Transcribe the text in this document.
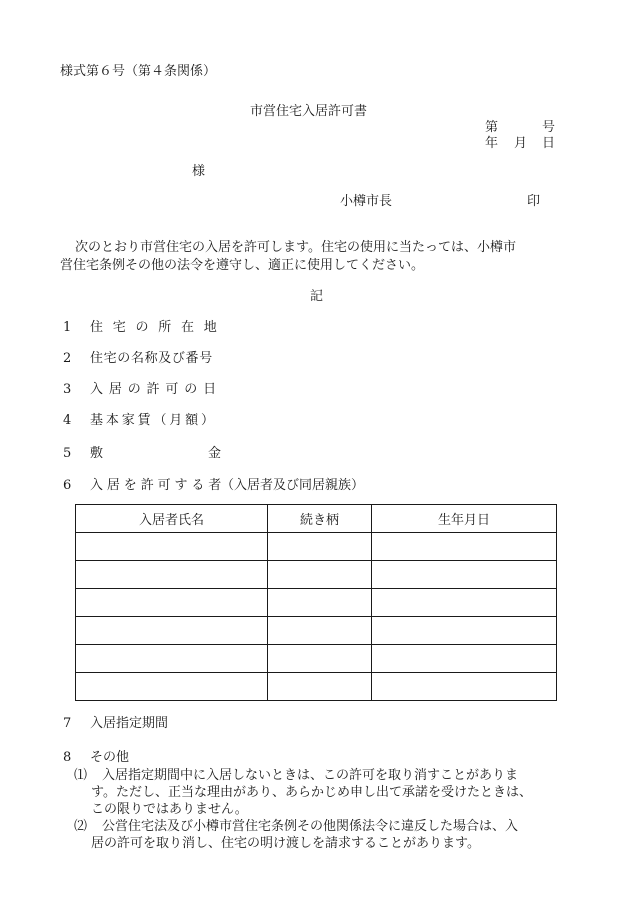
様式第６号（第４条関係）
市営住宅入居許可書
第	号
年 月 日
様
小樽市長	印
次のとおり市営住宅の入居を許可します。住宅の使用に当たっては、小樽市
営住宅条例その他の法令を遵守し、適正に使用してください。
記
1 住宅の所在地
2 住宅の名称及び番号
3 入居の許可の日
4 基本家賃（月額）
5 敷	金
6 入居を許可する者
（入居者及び同居親族）
入居者氏名	続き柄	生年月日

7 入居指定期間
8 その他
⑴ 入居指定期間中に入居しないときは、この許可を取り消すことがありま
す。ただし、正当な理由があり、あらかじめ申し出て承諾を受けたときは、
この限りではありません。
⑵ 公営住宅法及び小樽市営住宅条例その他関係法令に違反した場合は、入
居の許可を取り消し、住宅の明け渡しを請求することがあります。
